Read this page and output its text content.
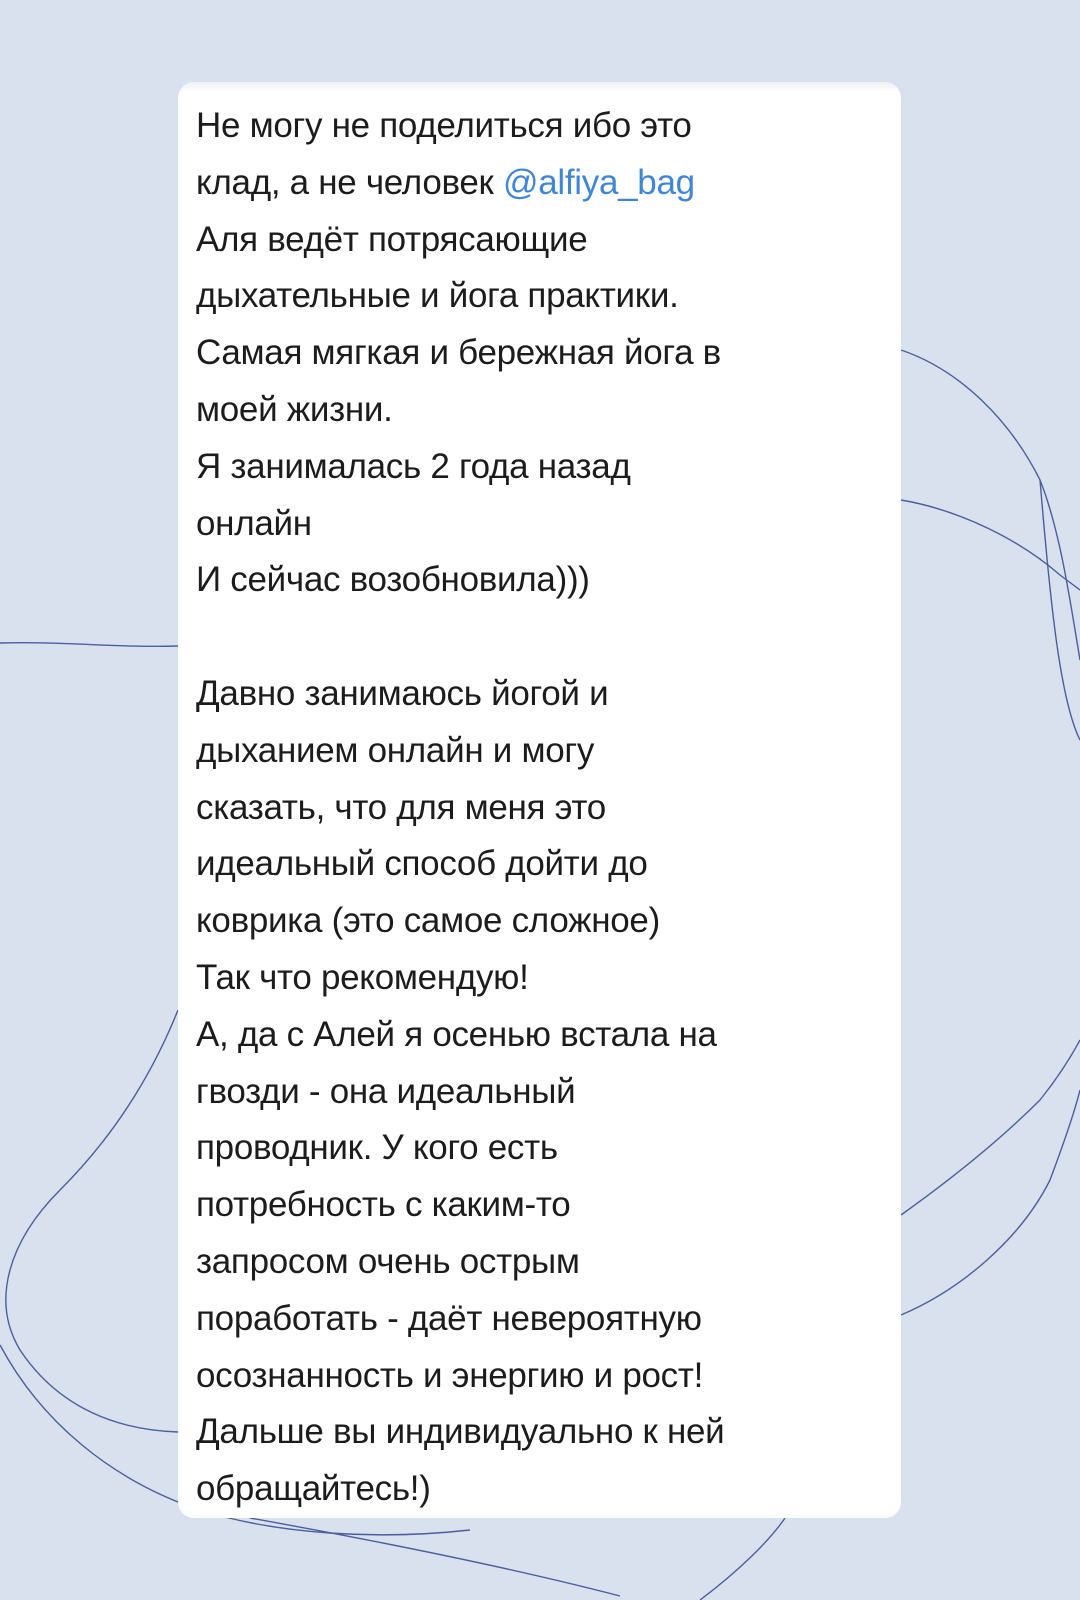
Не могу не поделиться ибо это
клад, а не человек @alfiya_bag
Аля ведёт потрясающие
дыхательные и йога практики.
Самая мягкая и бережная йога в
моей жизни.
Я занималась 2 года назад
онлайн
И сейчас возобновила)))
Давно занимаюсь йогой и
дыханием онлайн и могу
сказать, что для меня это
идеальный способ дойти до
коврика (это самое сложное)
Так что рекомендую!
А, да с Алей я осенью встала на
гвозди - она идеальный
проводник. У кого есть
потребность с каким-то
запросом очень острым
поработать - даёт невероятную
осознанность и энергию и рост!
Дальше вы индивидуально к ней
обращайтесь!)
